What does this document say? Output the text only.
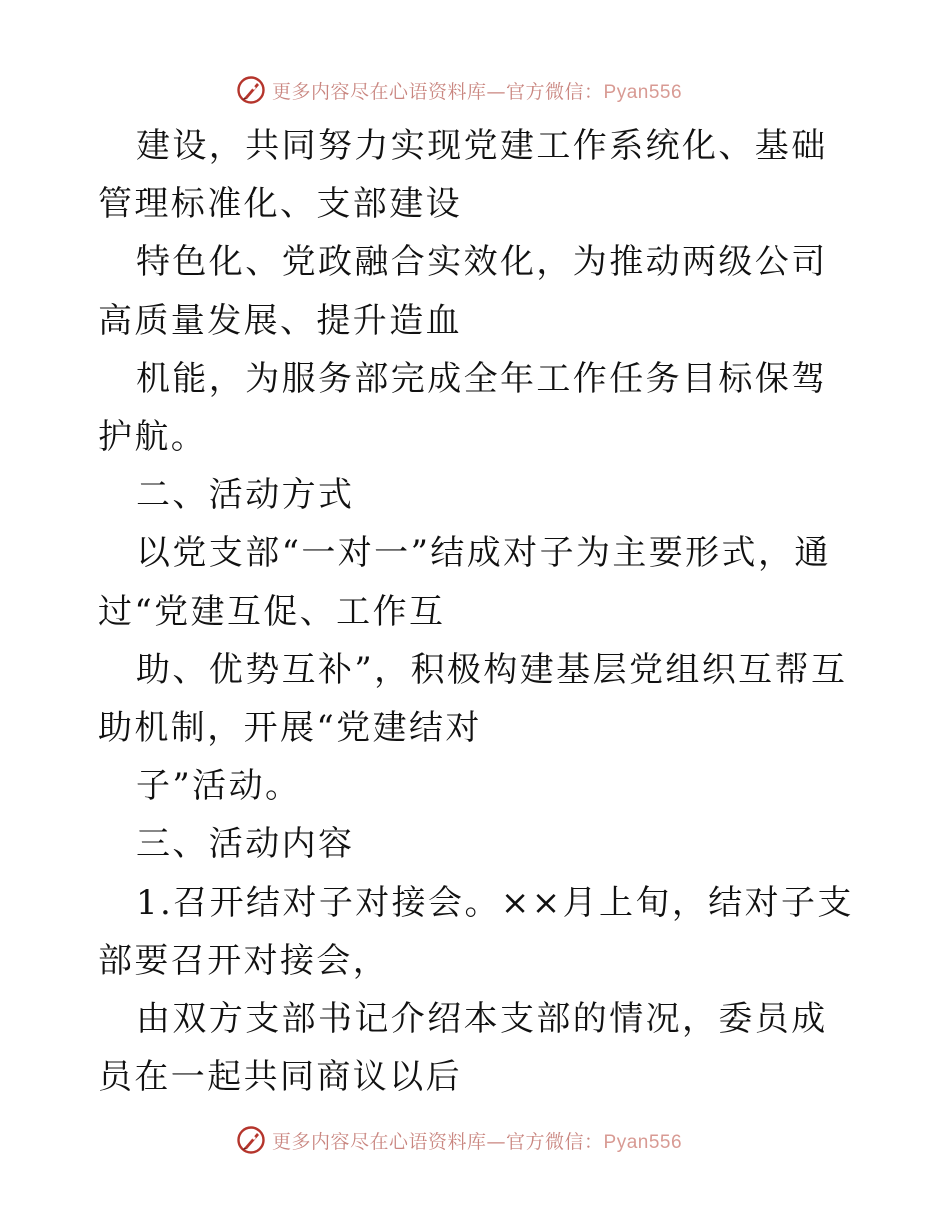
更多内容尽在心语资料库—官方微信：Pyan556

建设，共同努力实现党建工作系统化、基础管理标准化、支部建设

特色化、党政融合实效化，为推动两级公司高质量发展、提升造血

机能，为服务部完成全年工作任务目标保驾护航。

二、活动方式

以党支部“一对一”结成对子为主要形式，通过“党建互促、工作互

助、优势互补”，积极构建基层党组织互帮互助机制，开展“党建结对

子”活动。

三、活动内容

1.召开结对子对接会。××月上旬，结对子支部要召开对接会，

由双方支部书记介绍本支部的情况，委员成员在一起共同商议以后

更多内容尽在心语资料库—官方微信：Pyan556
